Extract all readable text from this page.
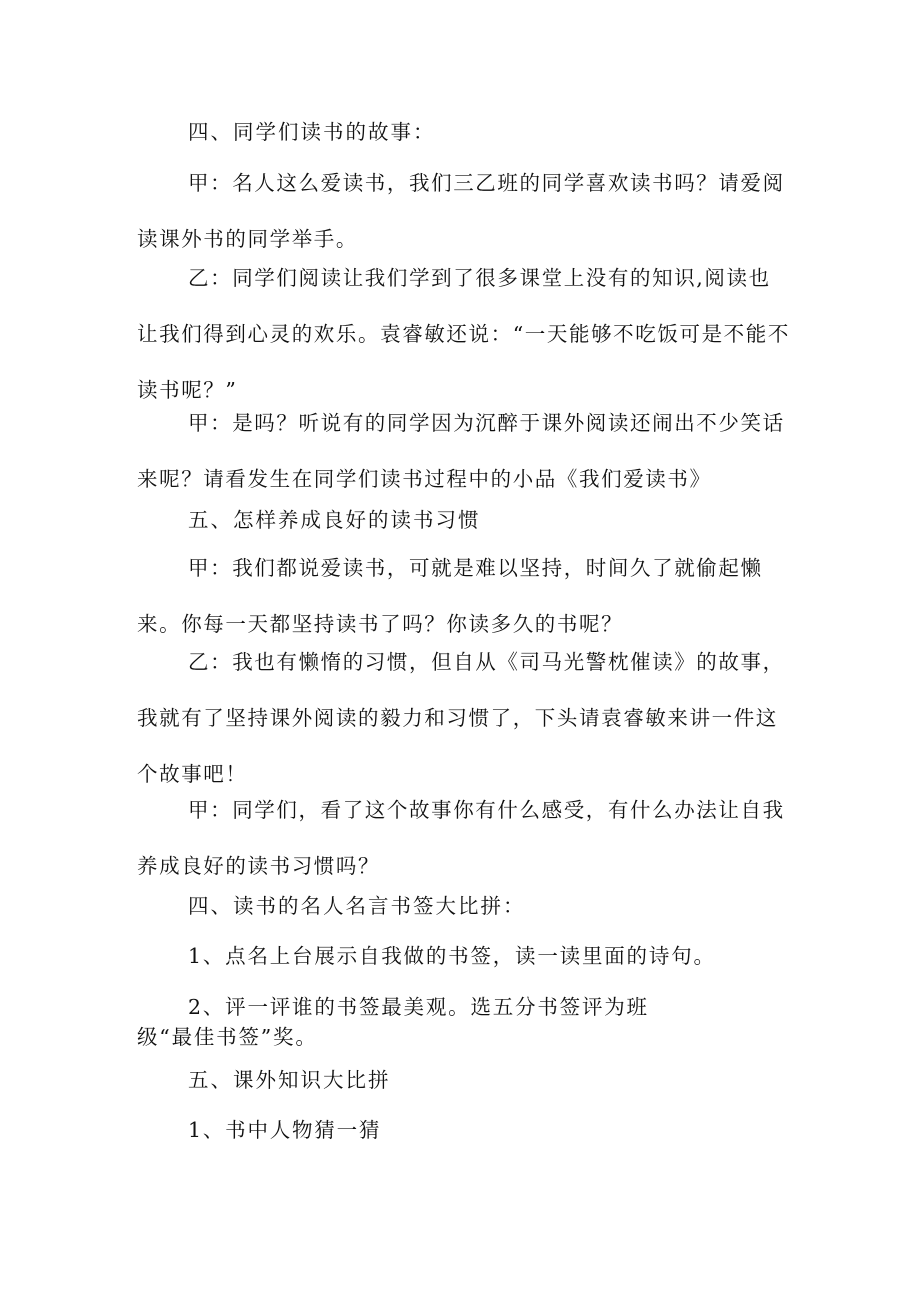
四、同学们读书的故事：

甲：名人这么爱读书，我们三乙班的同学喜欢读书吗？请爱阅读课外书的同学举手。

乙：同学们阅读让我们学到了很多课堂上没有的知识,阅读也让我们得到心灵的欢乐。袁睿敏还说：“一天能够不吃饭可是不能不读书呢？”

甲：是吗？听说有的同学因为沉醉于课外阅读还闹出不少笑话来呢？请看发生在同学们读书过程中的小品《我们爱读书》

五、怎样养成良好的读书习惯

甲：我们都说爱读书，可就是难以坚持，时间久了就偷起懒来。你每一天都坚持读书了吗？你读多久的书呢？

乙：我也有懒惰的习惯，但自从《司马光警枕催读》的故事，我就有了坚持课外阅读的毅力和习惯了，下头请袁睿敏来讲一件这个故事吧！

甲：同学们，看了这个故事你有什么感受，有什么办法让自我养成良好的读书习惯吗？

四、读书的名人名言书签大比拼：

1、点名上台展示自我做的书签，读一读里面的诗句。

2、评一评谁的书签最美观。选五分书签评为班级“最佳书签”奖。

五、课外知识大比拼

1、书中人物猜一猜
